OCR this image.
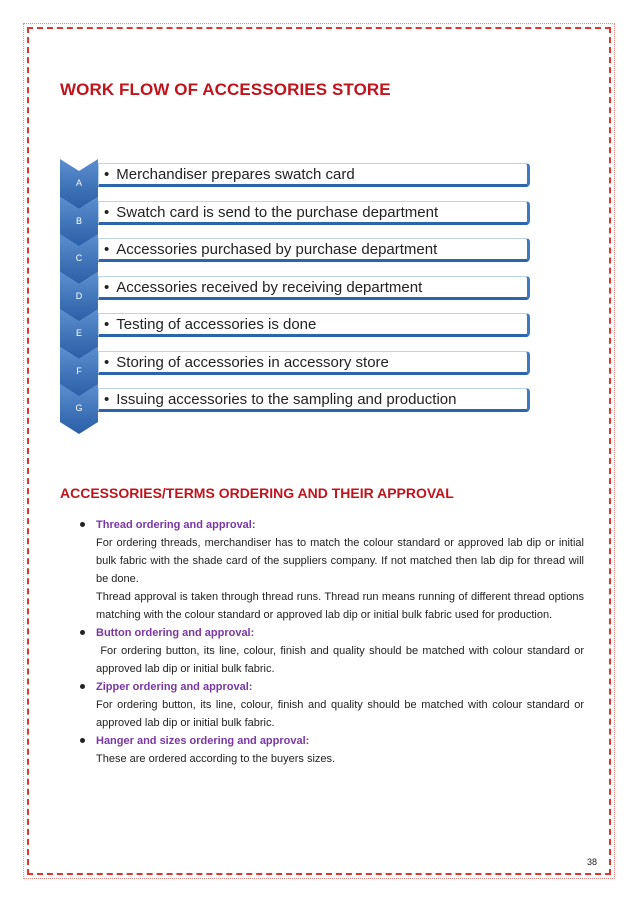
WORK FLOW OF ACCESSORIES STORE
• Merchandiser prepares swatch card
• Swatch card is send to the purchase department
• Accessories purchased by purchase department
• Accessories received by receiving department
• Testing of accessories is done
• Storing of accessories in accessory store
• Issuing accessories to the sampling and production
A
B
C
D
E
F
G
ACCESSORIES/TERMS ORDERING AND THEIR APPROVAL
Thread ordering and approval:
For ordering threads, merchandiser has to match the colour standard or approved lab dip or initial bulk fabric with the shade card of the suppliers company. If not matched then lab dip for thread will be done.
Thread approval is taken through thread runs. Thread run means running of different thread options matching with the colour standard or approved lab dip or initial bulk fabric used for production.
Button ordering and approval:
For ordering button, its line, colour, finish and quality should be matched with colour standard or approved lab dip or initial bulk fabric.
Zipper ordering and approval:
For ordering button, its line, colour, finish and quality should be matched with colour standard or approved lab dip or initial bulk fabric.
Hanger and sizes ordering and approval:
These are ordered according to the buyers sizes.
38
